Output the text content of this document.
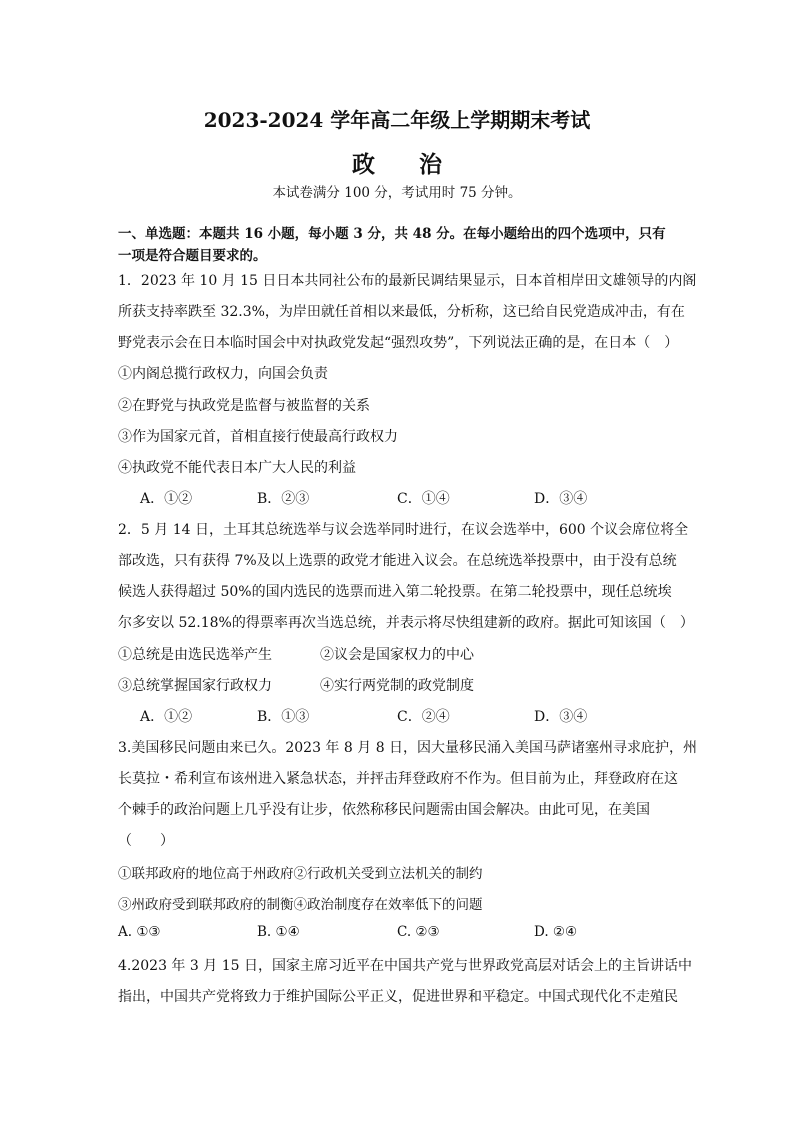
2023-2024 学年高二年级上学期期末考试
政治
本试卷满分 100 分，考试用时 75 分钟。
一、单选题：本题共 16 小题，每小题 3 分，共 48 分。在每小题给出的四个选项中，只有
一项是符合题目要求的。
1．2023 年 10 月 15 日日本共同社公布的最新民调结果显示，日本首相岸田文雄领导的内阁
所获支持率跌至 32.3%，为岸田就任首相以来最低，分析称，这已给自民党造成冲击，有在
野党表示会在日本临时国会中对执政党发起“强烈攻势”，下列说法正确的是，在日本（　）
①内阁总揽行政权力，向国会负责
②在野党与执政党是监督与被监督的关系
③作为国家元首，首相直接行使最高行政权力
④执政党不能代表日本广大人民的利益
A．①②	B．②③	C．①④	D．③④
2．5 月 14 日，土耳其总统选举与议会选举同时进行，在议会选举中，600 个议会席位将全
部改选，只有获得 7%及以上选票的政党才能进入议会。在总统选举投票中，由于没有总统
候选人获得超过 50%的国内选民的选票而进入第二轮投票。在第二轮投票中，现任总统埃
尔多安以 52.18%的得票率再次当选总统，并表示将尽快组建新的政府。据此可知该国（　）
①总统是由选民选举产生	②议会是国家权力的中心
③总统掌握国家行政权力	④实行两党制的政党制度
A．①②	B．①③	C．②④	D．③④
3.美国移民问题由来已久。2023 年 8 月 8 日，因大量移民涌入美国马萨诸塞州寻求庇护，州
长莫拉・希利宣布该州进入紧急状态，并抨击拜登政府不作为。但目前为止，拜登政府在这
个棘手的政治问题上几乎没有让步，依然称移民问题需由国会解决。由此可见，在美国
（　　）
①联邦政府的地位高于州政府②行政机关受到立法机关的制约
③州政府受到联邦政府的制衡④政治制度存在效率低下的问题
A. ①③	B. ①④	C. ②③	D. ②④
4.2023 年 3 月 15 日，国家主席习近平在中国共产党与世界政党高层对话会上的主旨讲话中
指出，中国共产党将致力于维护国际公平正义，促进世界和平稳定。中国式现代化不走殖民
